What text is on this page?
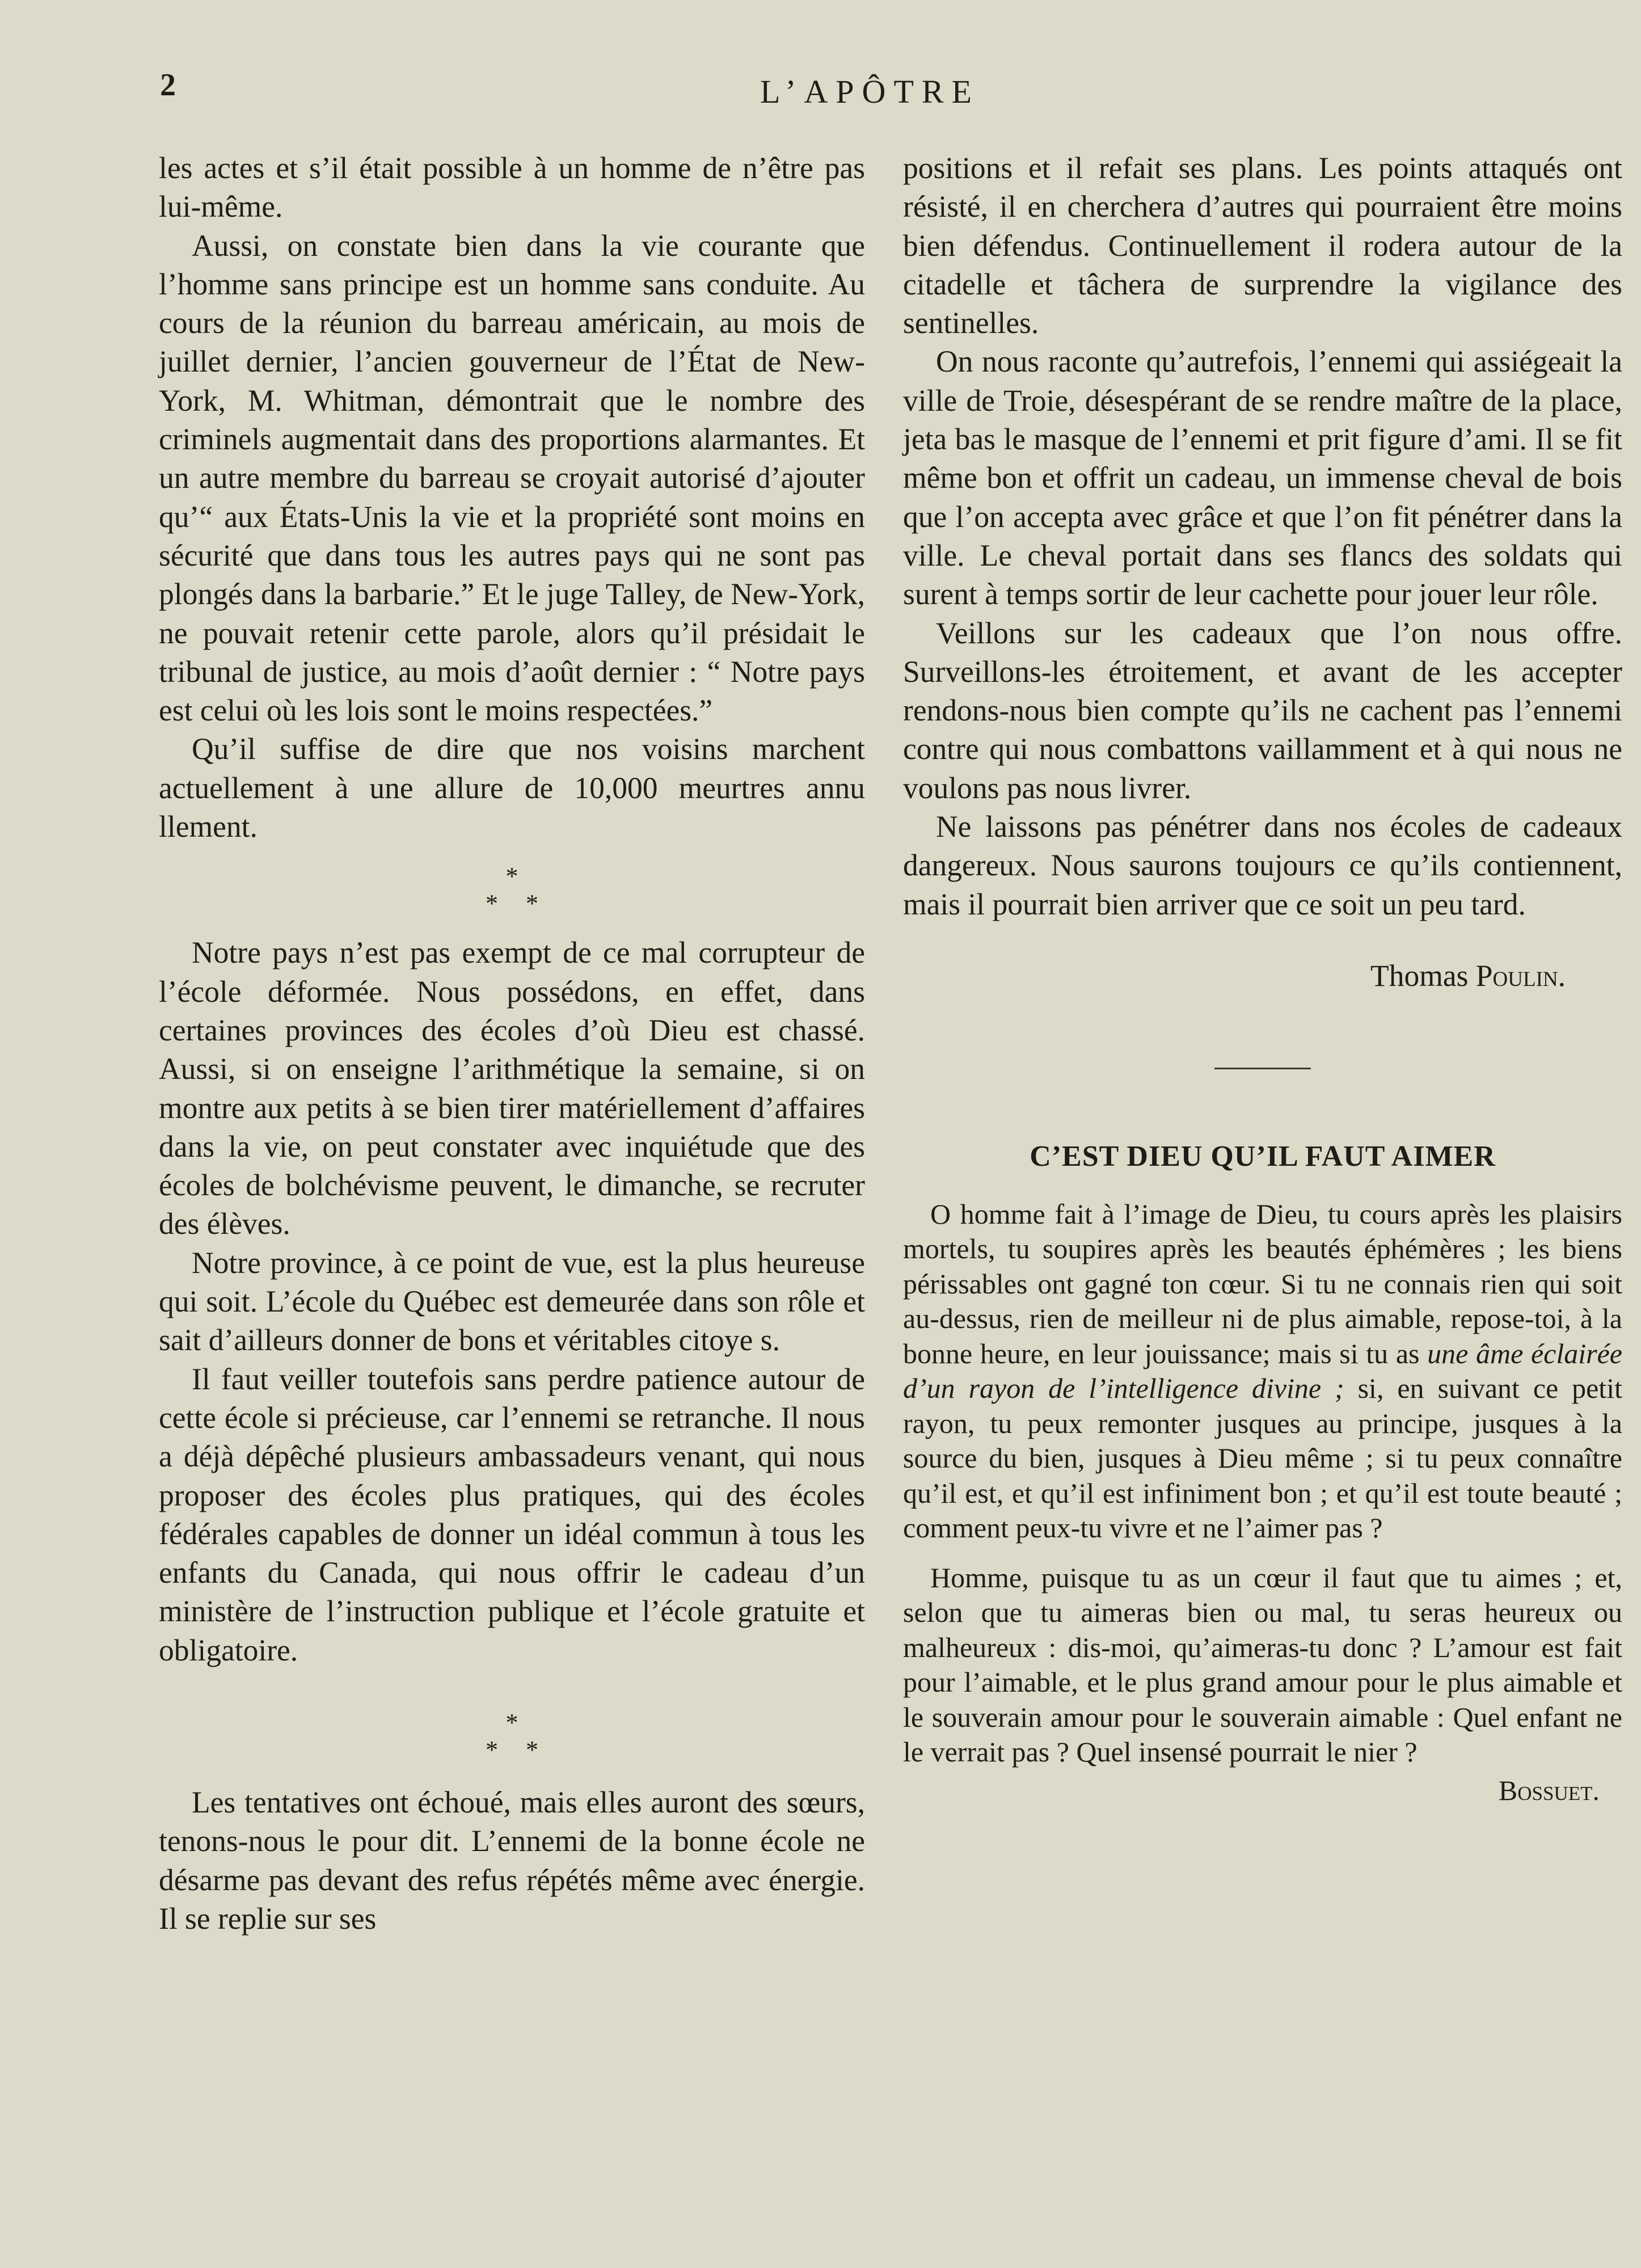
2	L’APÔTRE

les actes et s’il était possible à un homme de n’être pas lui-même.

Aussi, on constate bien dans la vie courante que l’homme sans principe est un homme sans conduite. Au cours de la réunion du barreau américain, au mois de juillet dernier, l’ancien gouverneur de l’État de New-York, M. Whitman, démontrait que le nombre des criminels augmentait dans des proportions alarmantes. Et un autre membre du barreau se croyait autorisé d’ajouter qu’“ aux États-Unis la vie et la propriété sont moins en sécurité que dans tous les autres pays qui ne sont pas plongés dans la barbarie.” Et le juge Talley, de New-York, ne pouvait retenir cette parole, alors qu’il présidait le tribunal de justice, au mois d’août dernier : “ Notre pays est celui où les lois sont le moins respectées.”

Qu’il suffise de dire que nos voisins marchent actuellement à une allure de 10,000 meurtres annu llement.

*
* *

Notre pays n’est pas exempt de ce mal corrupteur de l’école déformée. Nous possédons, en effet, dans certaines provinces des écoles d’où Dieu est chassé. Aussi, si on enseigne l’arithmétique la semaine, si on montre aux petits à se bien tirer matériellement d’affaires dans la vie, on peut constater avec inquiétude que des écoles de bolchévisme peuvent, le dimanche, se recruter des élèves.

Notre province, à ce point de vue, est la plus heureuse qui soit. L’école du Québec est demeurée dans son rôle et sait d’ailleurs donner de bons et véritables citoye s.

Il faut veiller toutefois sans perdre patience autour de cette école si précieuse, car l’ennemi se retranche. Il nous a déjà dépêché plusieurs ambassadeurs venant, qui nous proposer des écoles plus pratiques, qui des écoles fédérales capables de donner un idéal commun à tous les enfants du Canada, qui nous offrir le cadeau d’un ministère de l’instruction publique et l’école gratuite et obligatoire.

*
* *

Les tentatives ont échoué, mais elles auront des sœurs, tenons-nous le pour dit. L’ennemi de la bonne école ne désarme pas devant des refus répétés même avec énergie. Il se replie sur ses

positions et il refait ses plans. Les points attaqués ont résisté, il en cherchera d’autres qui pourraient être moins bien défendus. Continuellement il rodera autour de la citadelle et tâchera de surprendre la vigilance des sentinelles.

On nous raconte qu’autrefois, l’ennemi qui assiégeait la ville de Troie, désespérant de se rendre maître de la place, jeta bas le masque de l’ennemi et prit figure d’ami. Il se fit même bon et offrit un cadeau, un immense cheval de bois que l’on accepta avec grâce et que l’on fit pénétrer dans la ville. Le cheval portait dans ses flancs des soldats qui surent à temps sortir de leur cachette pour jouer leur rôle.

Veillons sur les cadeaux que l’on nous offre. Surveillons-les étroitement, et avant de les accepter rendons-nous bien compte qu’ils ne cachent pas l’ennemi contre qui nous combattons vaillamment et à qui nous ne voulons pas nous livrer.

Ne laissons pas pénétrer dans nos écoles de cadeaux dangereux. Nous saurons toujours ce qu’ils contiennent, mais il pourrait bien arriver que ce soit un peu tard.

Thomas Poulin.
C’EST DIEU QU’IL FAUT AIMER

O homme fait à l’image de Dieu, tu cours après les plaisirs mortels, tu soupires après les beautés éphémères ; les biens périssables ont gagné ton cœur. Si tu ne connais rien qui soit au-dessus, rien de meilleur ni de plus aimable, repose-toi, à la bonne heure, en leur jouissance; mais si tu as une âme éclairée d’un rayon de l’intelligence divine ; si, en suivant ce petit rayon, tu peux remonter jusques au principe, jusques à la source du bien, jusques à Dieu même ; si tu peux connaître qu’il est, et qu’il est infiniment bon ; et qu’il est toute beauté ; comment peux-tu vivre et ne l’aimer pas ?

Homme, puisque tu as un cœur il faut que tu aimes ; et, selon que tu aimeras bien ou mal, tu seras heureux ou malheureux : dis-moi, qu’aimeras-tu donc ? L’amour est fait pour l’aimable, et le plus grand amour pour le plus aimable et le souverain amour pour le souverain aimable : Quel enfant ne le verrait pas ? Quel insensé pourrait le nier ?

Bossuet.
